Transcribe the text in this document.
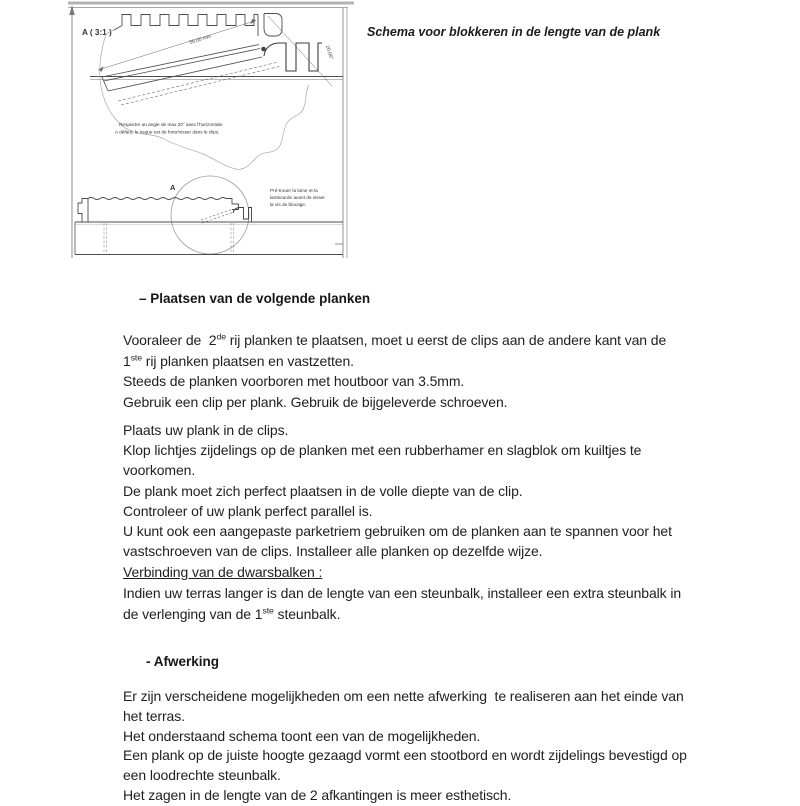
A ( 3:1 )
50,00 mm
20,00°
Respecter un angle de max 20° avec l'horizontale.
A défaut, le risque est de forer/visser dans le clips.
A	Pré-trouer la lame et la
lambourde avant de visser
la vis de blocage.
Schema voor blokkeren in de lengte van de plank
– Plaatsen van de volgende planken
Vooraleer de  2de rij planken te plaatsen, moet u eerst de clips aan de andere kant van de
1ste rij planken plaatsen en vastzetten.
Steeds de planken voorboren met houtboor van 3.5mm.
Gebruik een clip per plank. Gebruik de bijgeleverde schroeven.
Plaats uw plank in de clips.
Klop lichtjes zijdelings op de planken met een rubberhamer en slagblok om kuiltjes te
voorkomen.
De plank moet zich perfect plaatsen in de volle diepte van de clip.
Controleer of uw plank perfect parallel is.
U kunt ook een aangepaste parketriem gebruiken om de planken aan te spannen voor het
vastschroeven van de clips. Installeer alle planken op dezelfde wijze.
Verbinding van de dwarsbalken :
Indien uw terras langer is dan de lengte van een steunbalk, installeer een extra steunbalk in
de verlenging van de 1ste steunbalk.
- Afwerking
Er zijn verscheidene mogelijkheden om een nette afwerking  te realiseren aan het einde van
het terras.
Het onderstaand schema toont een van de mogelijkheden.
Een plank op de juiste hoogte gezaagd vormt een stootbord en wordt zijdelings bevestigd op
een loodrechte steunbalk.
Het zagen in de lengte van de 2 afkantingen is meer esthetisch.
